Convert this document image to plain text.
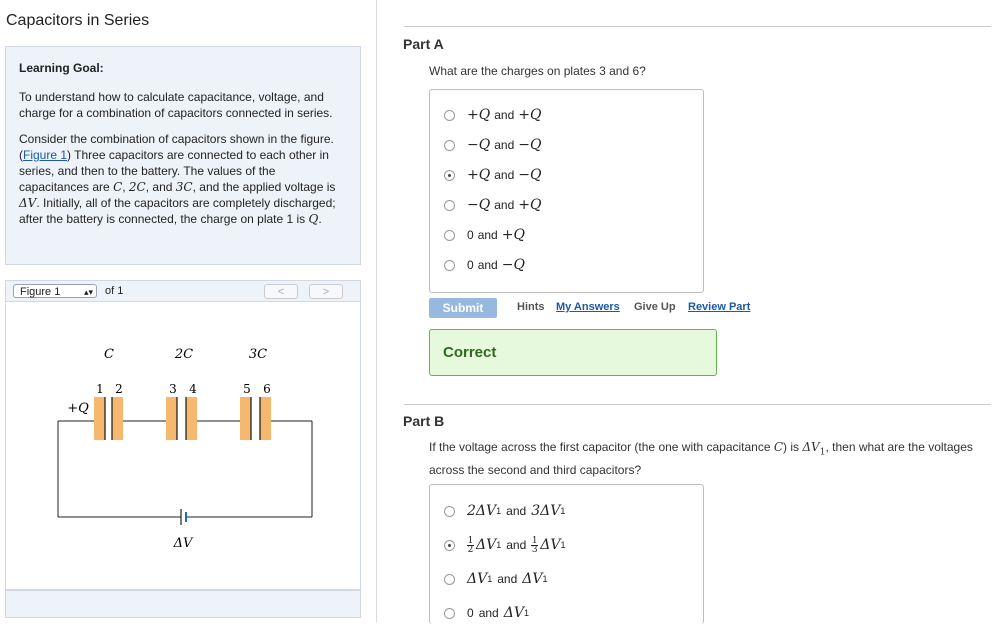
Capacitors in Series
Learning Goal:

To understand how to calculate capacitance, voltage, and charge for a combination of capacitors connected in series.

Consider the combination of capacitors shown in the figure.(Figure 1) Three capacitors are connected to each other in series, and then to the battery. The values of the capacitances are C, 2C, and 3C, and the applied voltage is ΔV. Initially, all of the capacitors are completely discharged; after the battery is connected, the charge on plate 1 is Q.

Figure 1	▴▾ of 1	<	>
C	2C	3C
1 2	3 4	5 6
+Q
ΔV
Part A
What are the charges on plates 3 and 6?
+Q and +Q
−Q and −Q
+Q and −Q
−Q and +Q
0 and +Q
0 and −Q
Submit	Hints My Answers Give Up Review Part
Correct
Part B
If the voltage across the first capacitor (the one with capacitance C) is $\Delta V_1$, then what are the voltages across the second and third capacitors?
2ΔV 1 and 3ΔV 1
$\frac{1}{2}$ ΔV 1 and $\frac{1}{3}$ ΔV 1
ΔV 1 and ΔV 1
0 and ΔV 1
